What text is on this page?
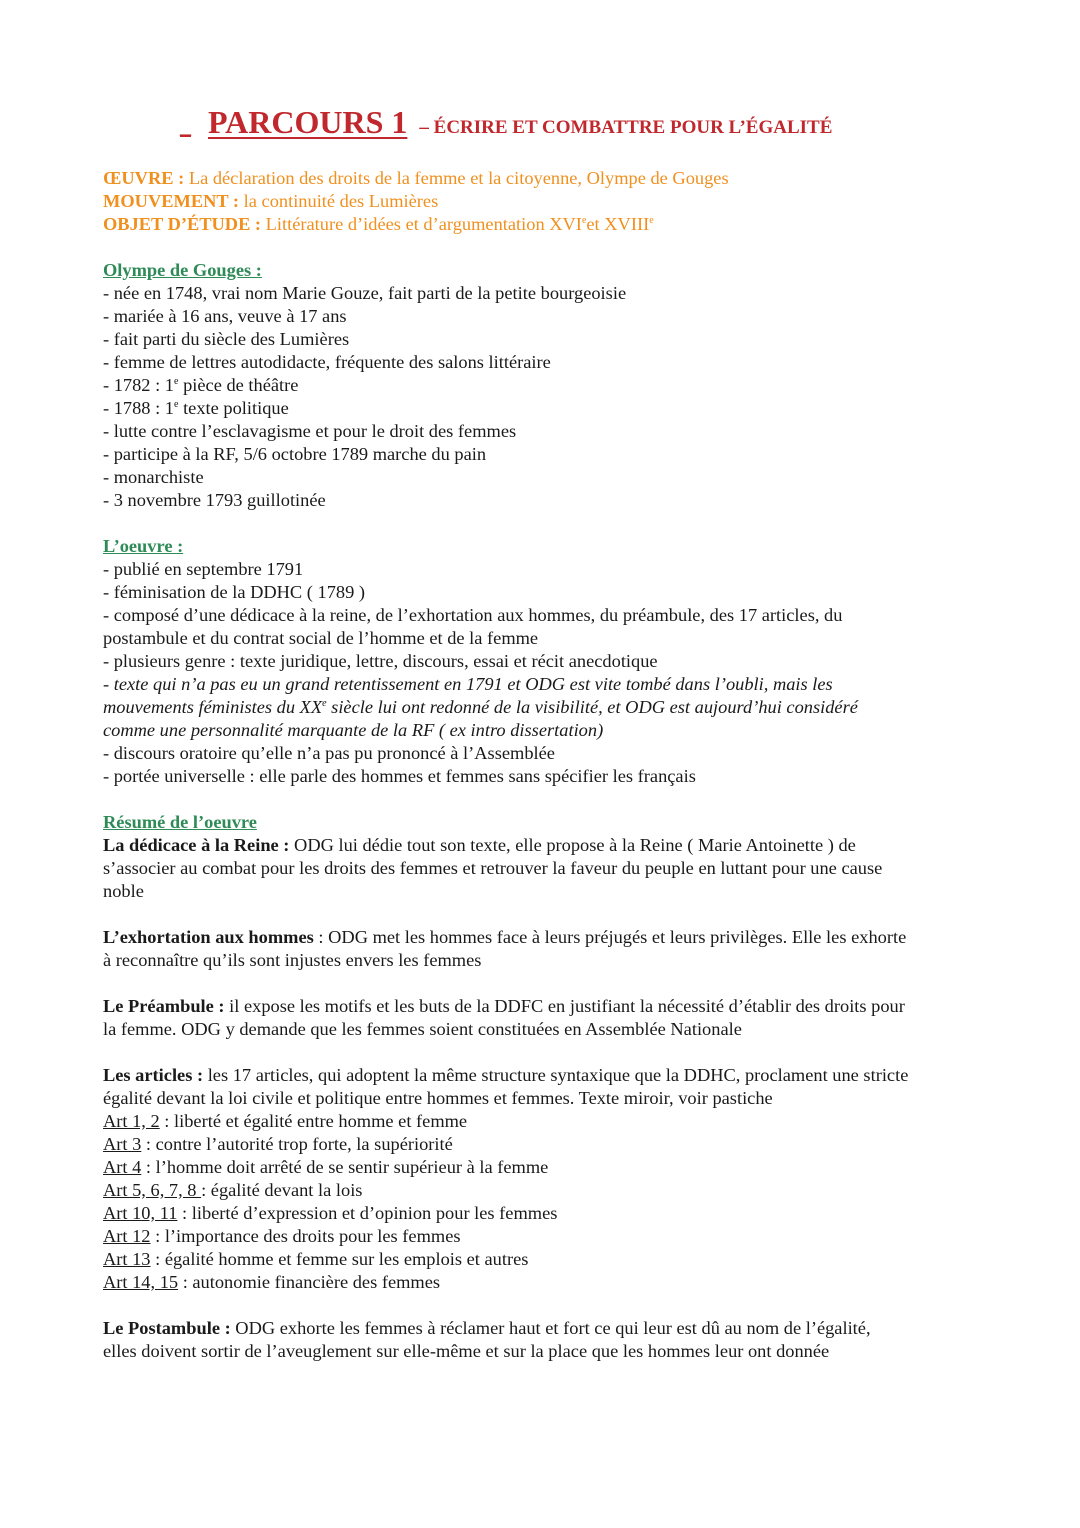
_ PARCOURS 1 – ÉCRIRE ET COMBATTRE POUR L’ÉGALITÉ
ŒUVRE : La déclaration des droits de la femme et la citoyenne, Olympe de Gouges
MOUVEMENT : la continuité des Lumières
OBJET D’ÉTUDE : Littérature d’idées et d’argumentation XVIeet XVIIIe
Olympe de Gouges :
- née en 1748, vrai nom Marie Gouze, fait parti de la petite bourgeoisie
- mariée à 16 ans, veuve à 17 ans
- fait parti du siècle des Lumières
- femme de lettres autodidacte, fréquente des salons littéraire
- 1782 : 1e pièce de théâtre
- 1788 : 1e texte politique
- lutte contre l’esclavagisme et pour le droit des femmes
- participe à la RF, 5/6 octobre 1789 marche du pain
- monarchiste
- 3 novembre 1793 guillotinée
L’oeuvre :
- publié en septembre 1791
- féminisation de la DDHC ( 1789 )
- composé d’une dédicace à la reine, de l’exhortation aux hommes, du préambule, des 17 articles, du
postambule et du contrat social de l’homme et de la femme
- plusieurs genre : texte juridique, lettre, discours, essai et récit anecdotique
- texte qui n’a pas eu un grand retentissement en 1791 et ODG est vite tombé dans l’oubli, mais les
mouvements féministes du XXe siècle lui ont redonné de la visibilité, et ODG est aujourd’hui considéré
comme une personnalité marquante de la RF ( ex intro dissertation)
- discours oratoire qu’elle n’a pas pu prononcé à l’Assemblée
- portée universelle : elle parle des hommes et femmes sans spécifier les français
Résumé de l’oeuvre
La dédicace à la Reine : ODG lui dédie tout son texte, elle propose à la Reine ( Marie Antoinette ) de
s’associer au combat pour les droits des femmes et retrouver la faveur du peuple en luttant pour une cause
noble
L’exhortation aux hommes : ODG met les hommes face à leurs préjugés et leurs privilèges. Elle les exhorte
à reconnaître qu’ils sont injustes envers les femmes
Le Préambule : il expose les motifs et les buts de la DDFC en justifiant la nécessité d’établir des droits pour
la femme. ODG y demande que les femmes soient constituées en Assemblée Nationale
Les articles : les 17 articles, qui adoptent la même structure syntaxique que la DDHC, proclament une stricte
égalité devant la loi civile et politique entre hommes et femmes. Texte miroir, voir pastiche
Art 1, 2 : liberté et égalité entre homme et femme
Art 3 : contre l’autorité trop forte, la supériorité
Art 4 : l’homme doit arrêté de se sentir supérieur à la femme
Art 5, 6, 7, 8 : égalité devant la lois
Art 10, 11 : liberté d’expression et d’opinion pour les femmes
Art 12 : l’importance des droits pour les femmes
Art 13 : égalité homme et femme sur les emplois et autres
Art 14, 15 : autonomie financière des femmes
Le Postambule : ODG exhorte les femmes à réclamer haut et fort ce qui leur est dû au nom de l’égalité,
elles doivent sortir de l’aveuglement sur elle-même et sur la place que les hommes leur ont donnée
